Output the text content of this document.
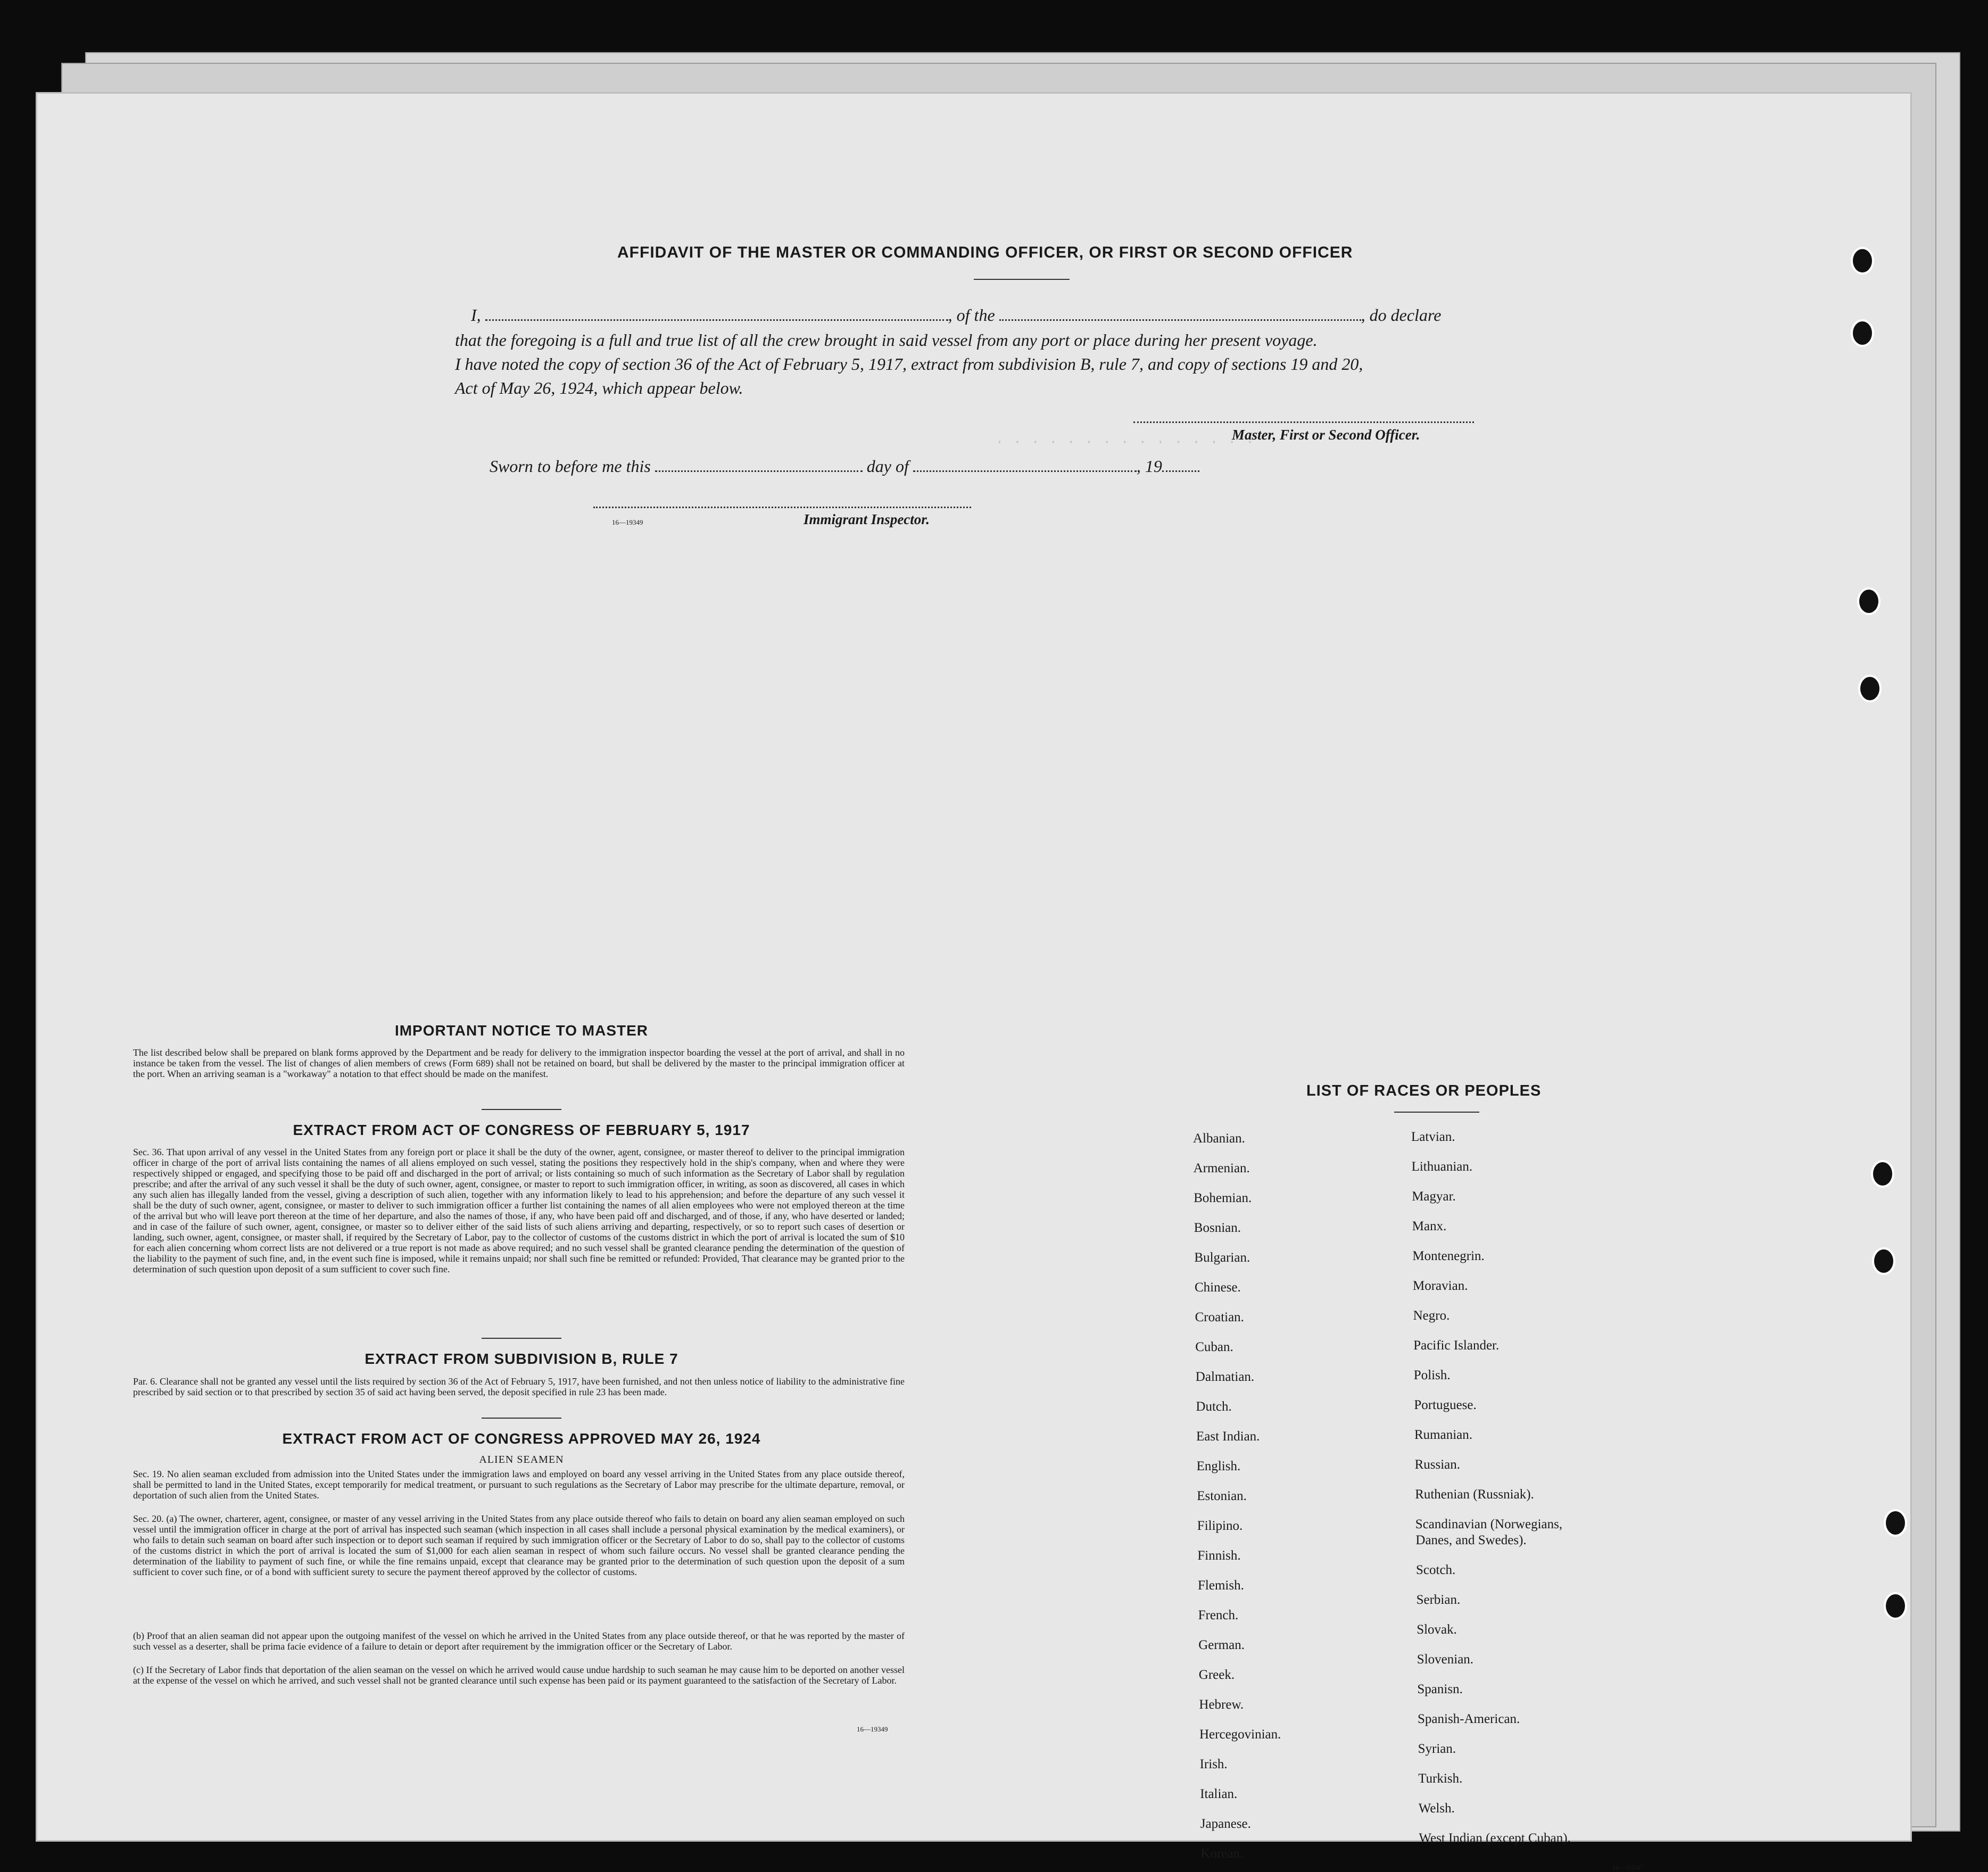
· · · · · · · · · · · · · · ·
AFFIDAVIT OF THE MASTER OR COMMANDING OFFICER, OR FIRST OR SECOND OFFICER
I,	, of the	, do declare
that the foregoing is a full and true list of all the crew brought in said vessel from any port or place during her present voyage.
I have noted the copy of section 36 of the Act of February 5, 1917, extract from subdivision B, rule 7, and copy of sections 19 and 20,
Act of May 26, 1924, which appear below.
Master, First or Second Officer.
Sworn to before me this	day of	, 19
16—19349	Immigrant Inspector.
IMPORTANT NOTICE TO MASTER
The list described below shall be prepared on blank forms approved by the Department and be ready for delivery to the immigration inspector boarding the vessel at the port of arrival, and shall in no instance be taken from the vessel. The list of changes of alien members of crews (Form 689) shall not be retained on board, but shall be delivered by the master to the principal immigration officer at the port. When an arriving seaman is a "workaway" a notation to that effect should be made on the manifest.
EXTRACT FROM ACT OF CONGRESS OF FEBRUARY 5, 1917
Sec. 36. That upon arrival of any vessel in the United States from any foreign port or place it shall be the duty of the owner, agent, consignee, or master thereof to deliver to the principal immigration officer in charge of the port of arrival lists containing the names of all aliens employed on such vessel, stating the positions they respectively hold in the ship's company, when and where they were respectively shipped or engaged, and specifying those to be paid off and discharged in the port of arrival; or lists containing so much of such information as the Secretary of Labor shall by regulation prescribe; and after the arrival of any such vessel it shall be the duty of such owner, agent, consignee, or master to report to such immigration officer, in writing, as soon as discovered, all cases in which any such alien has illegally landed from the vessel, giving a description of such alien, together with any information likely to lead to his apprehension; and before the departure of any such vessel it shall be the duty of such owner, agent, consignee, or master to deliver to such immigration officer a further list containing the names of all alien employees who were not employed thereon at the time of the arrival but who will leave port thereon at the time of her departure, and also the names of those, if any, who have been paid off and discharged, and of those, if any, who have deserted or landed; and in case of the failure of such owner, agent, consignee, or master so to deliver either of the said lists of such aliens arriving and departing, respectively, or so to report such cases of desertion or landing, such owner, agent, consignee, or master shall, if required by the Secretary of Labor, pay to the collector of customs of the customs district in which the port of arrival is located the sum of $10 for each alien concerning whom correct lists are not delivered or a true report is not made as above required; and no such vessel shall be granted clearance pending the determination of the question of the liability to the payment of such fine, and, in the event such fine is imposed, while it remains unpaid; nor shall such fine be remitted or refunded: Provided, That clearance may be granted prior to the determination of such question upon deposit of a sum sufficient to cover such fine.
EXTRACT FROM SUBDIVISION B, RULE 7
Par. 6. Clearance shall not be granted any vessel until the lists required by section 36 of the Act of February 5, 1917, have been furnished, and not then unless notice of liability to the administrative fine prescribed by said section or to that prescribed by section 35 of said act having been served, the deposit specified in rule 23 has been made.
EXTRACT FROM ACT OF CONGRESS APPROVED MAY 26, 1924
ALIEN SEAMEN
Sec. 19. No alien seaman excluded from admission into the United States under the immigration laws and employed on board any vessel arriving in the United States from any place outside thereof, shall be permitted to land in the United States, except temporarily for medical treatment, or pursuant to such regulations as the Secretary of Labor may prescribe for the ultimate departure, removal, or deportation of such alien from the United States.
Sec. 20. (a) The owner, charterer, agent, consignee, or master of any vessel arriving in the United States from any place outside thereof who fails to detain on board any alien seaman employed on such vessel until the immigration officer in charge at the port of arrival has inspected such seaman (which inspection in all cases shall include a personal physical examination by the medical examiners), or who fails to detain such seaman on board after such inspection or to deport such seaman if required by such immigration officer or the Secretary of Labor to do so, shall pay to the collector of customs of the customs district in which the port of arrival is located the sum of $1,000 for each alien seaman in respect of whom such failure occurs. No vessel shall be granted clearance pending the determination of the liability to payment of such fine, or while the fine remains unpaid, except that clearance may be granted prior to the determination of such question upon the deposit of a sum sufficient to cover such fine, or of a bond with sufficient surety to secure the payment thereof approved by the collector of customs.
(b) Proof that an alien seaman did not appear upon the outgoing manifest of the vessel on which he arrived in the United States from any place outside thereof, or that he was reported by the master of such vessel as a deserter, shall be prima facie evidence of a failure to detain or deport after requirement by the immigration officer or the Secretary of Labor.
(c) If the Secretary of Labor finds that deportation of the alien seaman on the vessel on which he arrived would cause undue hardship to such seaman he may cause him to be deported on another vessel at the expense of the vessel on which he arrived, and such vessel shall not be granted clearance until such expense has been paid or its payment guaranteed to the satisfaction of the Secretary of Labor.
16—19349
LIST OF RACES OR PEOPLES
Albanian.
Armenian.
Bohemian.
Bosnian.
Bulgarian.
Chinese.
Croatian.
Cuban.
Dalmatian.
Dutch.
East Indian.
English.
Estonian.
Filipino.
Finnish.
Flemish.
French.
German.
Greek.
Hebrew.
Hercegovinian.
Irish.
Italian.
Japanese.
Korean.
Latvian.
Lithuanian.
Magyar.
Manx.
Montenegrin.
Moravian.
Negro.
Pacific Islander.
Polish.
Portuguese.
Rumanian.
Russian.
Ruthenian (Russniak).
Scandinavian (Norwegians,
Danes, and Swedes).
Scotch.
Serbian.
Slovak.
Slovenian.
Spanisn.
Spanish-American.
Syrian.
Turkish.
Welsh.
West Indian (except Cuban).
16—19347
